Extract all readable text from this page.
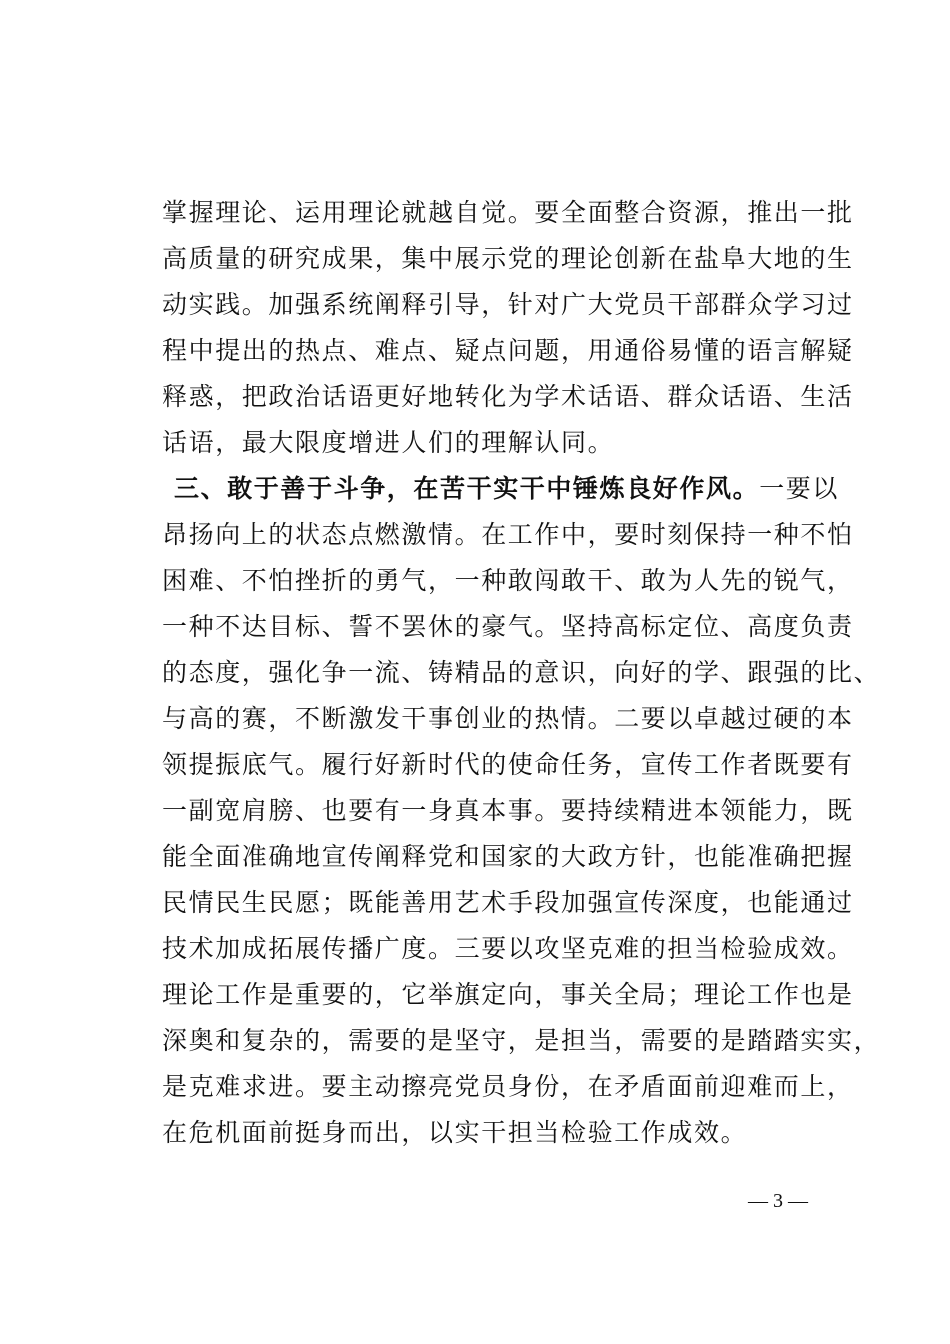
掌握理论、运用理论就越自觉。要全面整合资源，推出一批
高质量的研究成果，集中展示党的理论创新在盐阜大地的生
动实践。加强系统阐释引导，针对广大党员干部群众学习过
程中提出的热点、难点、疑点问题，用通俗易懂的语言解疑
释惑，把政治话语更好地转化为学术话语、群众话语、生活
话语，最大限度增进人们的理解认同。
三、敢于善于斗争，在苦干实干中锤炼良好作风。一要以
昂扬向上的状态点燃激情。在工作中，要时刻保持一种不怕
困难、不怕挫折的勇气，一种敢闯敢干、敢为人先的锐气，
一种不达目标、誓不罢休的豪气。坚持高标定位、高度负责
的态度，强化争一流、铸精品的意识，向好的学、跟强的比、
与高的赛，不断激发干事创业的热情。二要以卓越过硬的本
领提振底气。履行好新时代的使命任务，宣传工作者既要有
一副宽肩膀、也要有一身真本事。要持续精进本领能力，既
能全面准确地宣传阐释党和国家的大政方针，也能准确把握
民情民生民愿；既能善用艺术手段加强宣传深度，也能通过
技术加成拓展传播广度。三要以攻坚克难的担当检验成效。
理论工作是重要的，它举旗定向，事关全局；理论工作也是
深奥和复杂的，需要的是坚守，是担当，需要的是踏踏实实，
是克难求进。要主动擦亮党员身份，在矛盾面前迎难而上，
在危机面前挺身而出，以实干担当检验工作成效。
— 3 —
